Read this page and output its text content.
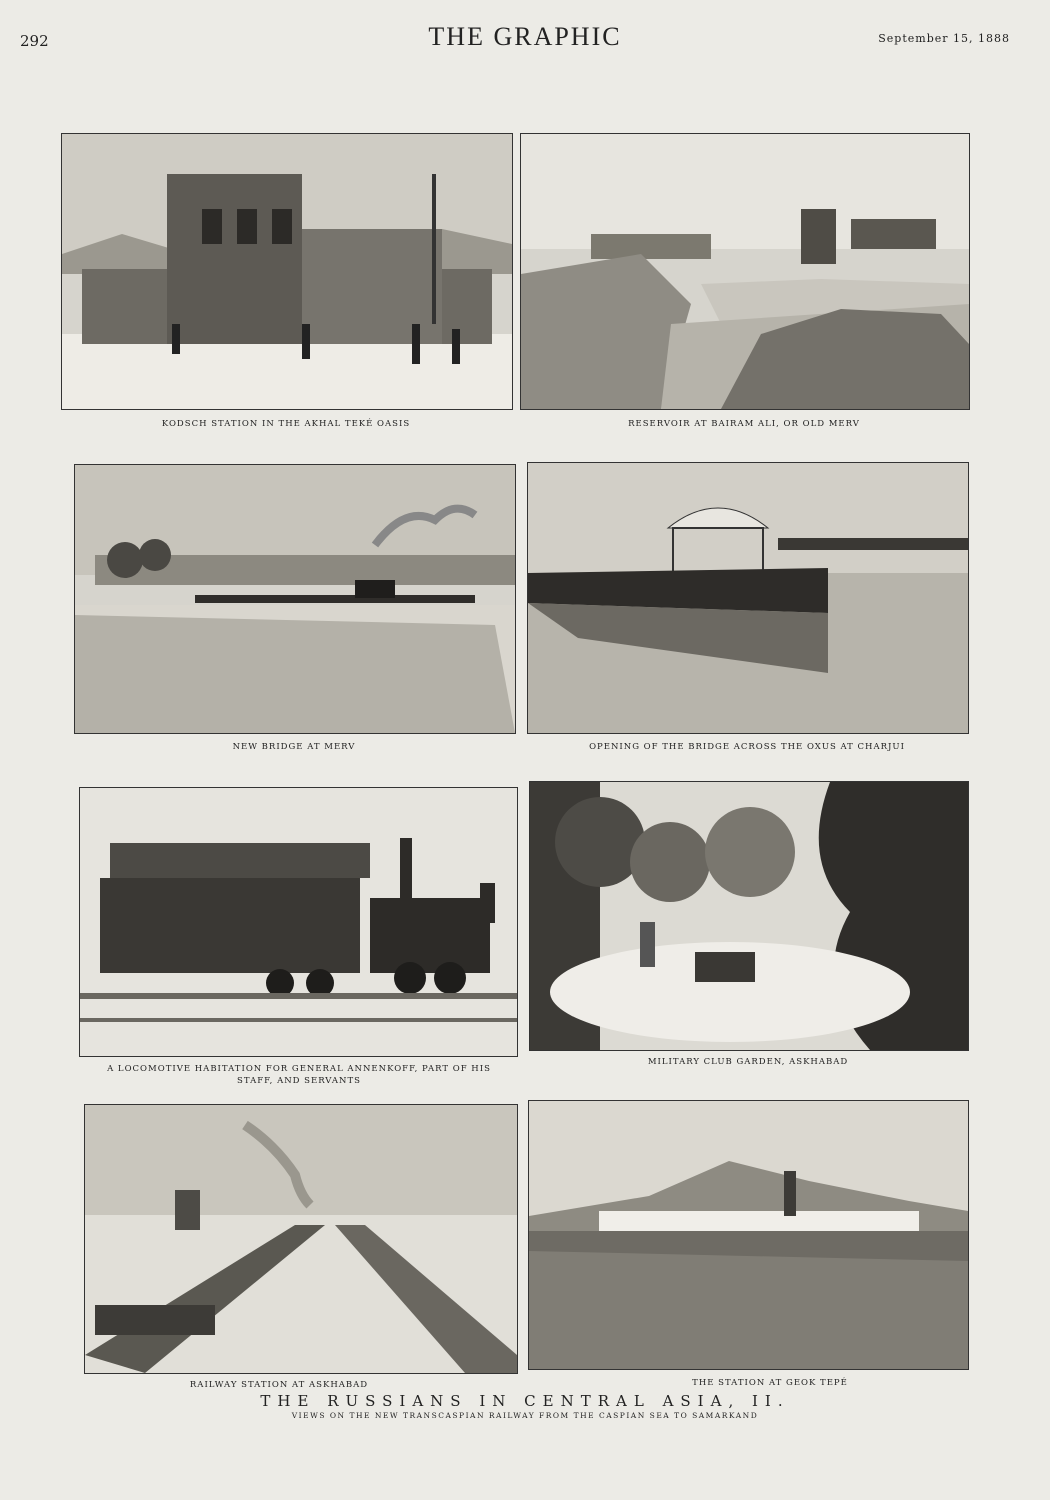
292	THE GRAPHIC	September 15, 1888
KODSCH STATION IN THE AKHAL TEKÉ OASIS	RESERVOIR AT BAIRAM ALI, OR OLD MERV
NEW BRIDGE AT MERV	OPENING OF THE BRIDGE ACROSS THE OXUS AT CHARJUI
A LOCOMOTIVE HABITATION FOR GENERAL ANNENKOFF, PART OF HIS STAFF, AND SERVANTS
MILITARY CLUB GARDEN, ASKHABAD
RAILWAY STATION AT ASKHABAD	THE STATION AT GEOK TEPÉ
THE RUSSIANS IN CENTRAL ASIA, II.
VIEWS ON THE NEW TRANSCASPIAN RAILWAY FROM THE CASPIAN SEA TO SAMARKAND
